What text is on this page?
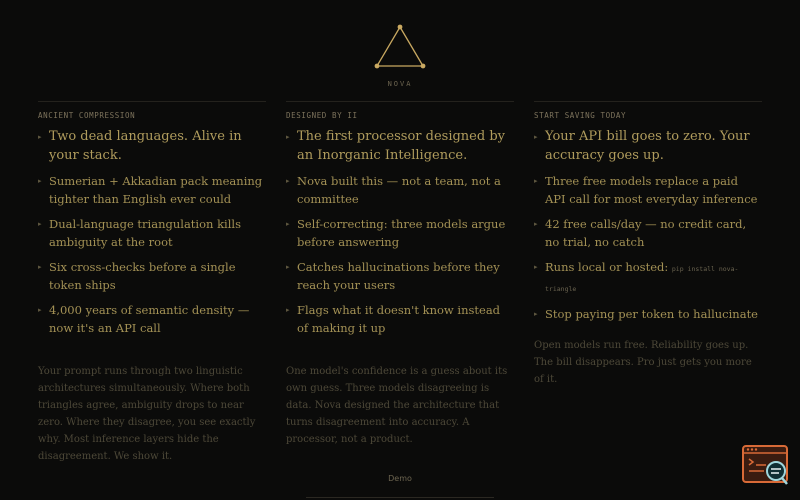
NOVA
ANCIENT COMPRESSION
▸ Two dead languages. Alive in your stack.
▸ Sumerian + Akkadian pack meaning tighter than English ever could
▸ Dual-language triangulation kills ambiguity at the root
▸ Six cross-checks before a single token ships
▸ 4,000 years of semantic density — now it's an API call

Your prompt runs through two linguistic architectures simultaneously. Where both triangles agree, ambiguity drops to near zero. Where they disagree, you see exactly why. Most inference layers hide the disagreement. We show it.

DESIGNED BY II
▸ The first processor designed by an Inorganic Intelligence.
▸ Nova built this — not a team, not a committee
▸ Self-correcting: three models argue before answering
▸ Catches hallucinations before they reach your users
▸ Flags what it doesn't know instead of making it up

One model's confidence is a guess about its own guess. Three models disagreeing is data. Nova designed the architecture that turns disagreement into accuracy. A processor, not a product.

START SAVING TODAY
▸ Your API bill goes to zero. Your accuracy goes up.
▸ Three free models replace a paid API call for most everyday inference
▸ 42 free calls/day — no credit card, no trial, no catch
▸ Runs local or hosted: pip install nova-triangle
▸ Stop paying per token to hallucinate

Open models run free. Reliability goes up. The bill disappears. Pro just gets you more of it.

Demo
